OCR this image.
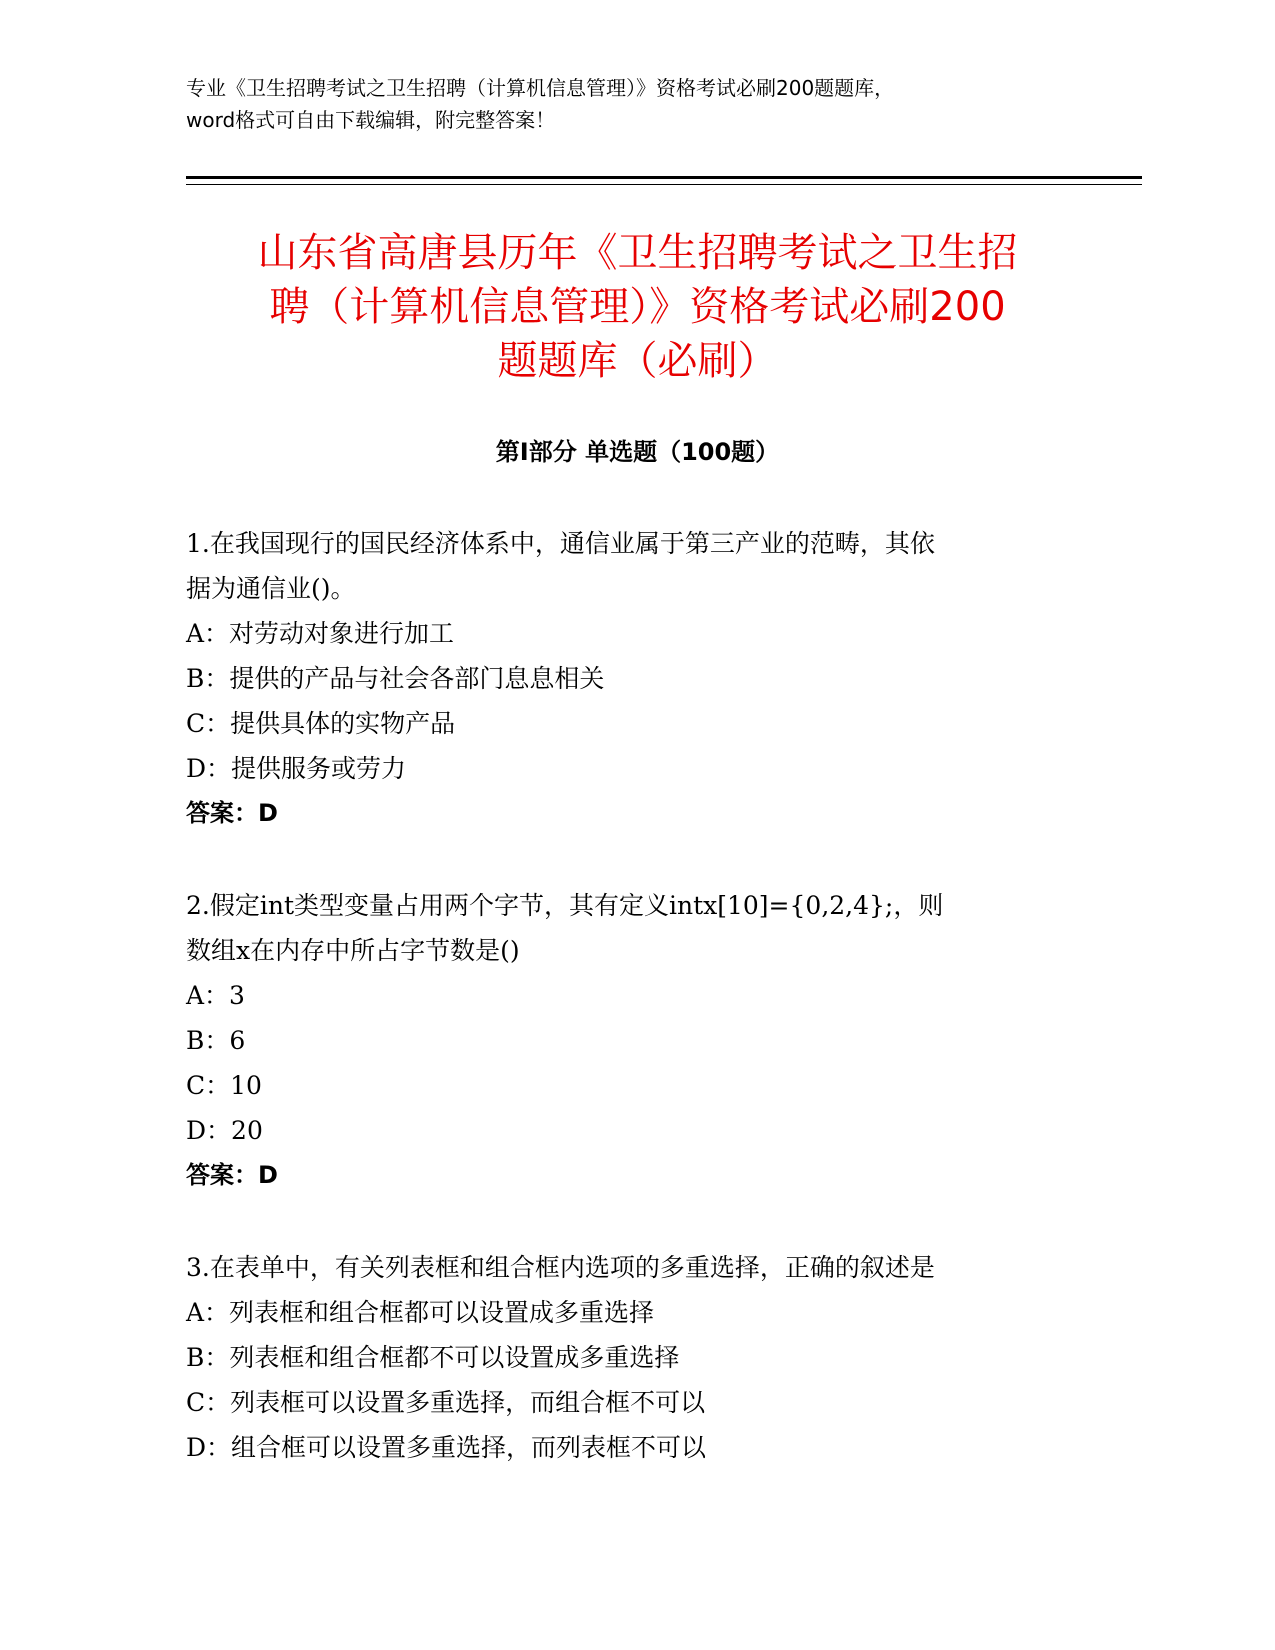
专业《卫生招聘考试之卫生招聘（计算机信息管理）》资格考试必刷200题题库，
word格式可自由下载编辑，附完整答案！
山东省高唐县历年《卫生招聘考试之卫生招
聘（计算机信息管理）》资格考试必刷200
题题库（必刷）
第Ⅰ部分 单选题（100题）
1.在我国现行的国民经济体系中，通信业属于第三产业的范畴，其依
据为通信业()。
A：对劳动对象进行加工
B：提供的产品与社会各部门息息相关
C：提供具体的实物产品
D：提供服务或劳力
答案：D
2.假定int类型变量占用两个字节，其有定义intx[10]={0,2,4};，则
数组x在内存中所占字节数是()
A：3
B：6
C：10
D：20
答案：D
3.在表单中，有关列表框和组合框内选项的多重选择，正确的叙述是
A：列表框和组合框都可以设置成多重选择
B：列表框和组合框都不可以设置成多重选择
C：列表框可以设置多重选择，而组合框不可以
D：组合框可以设置多重选择，而列表框不可以
